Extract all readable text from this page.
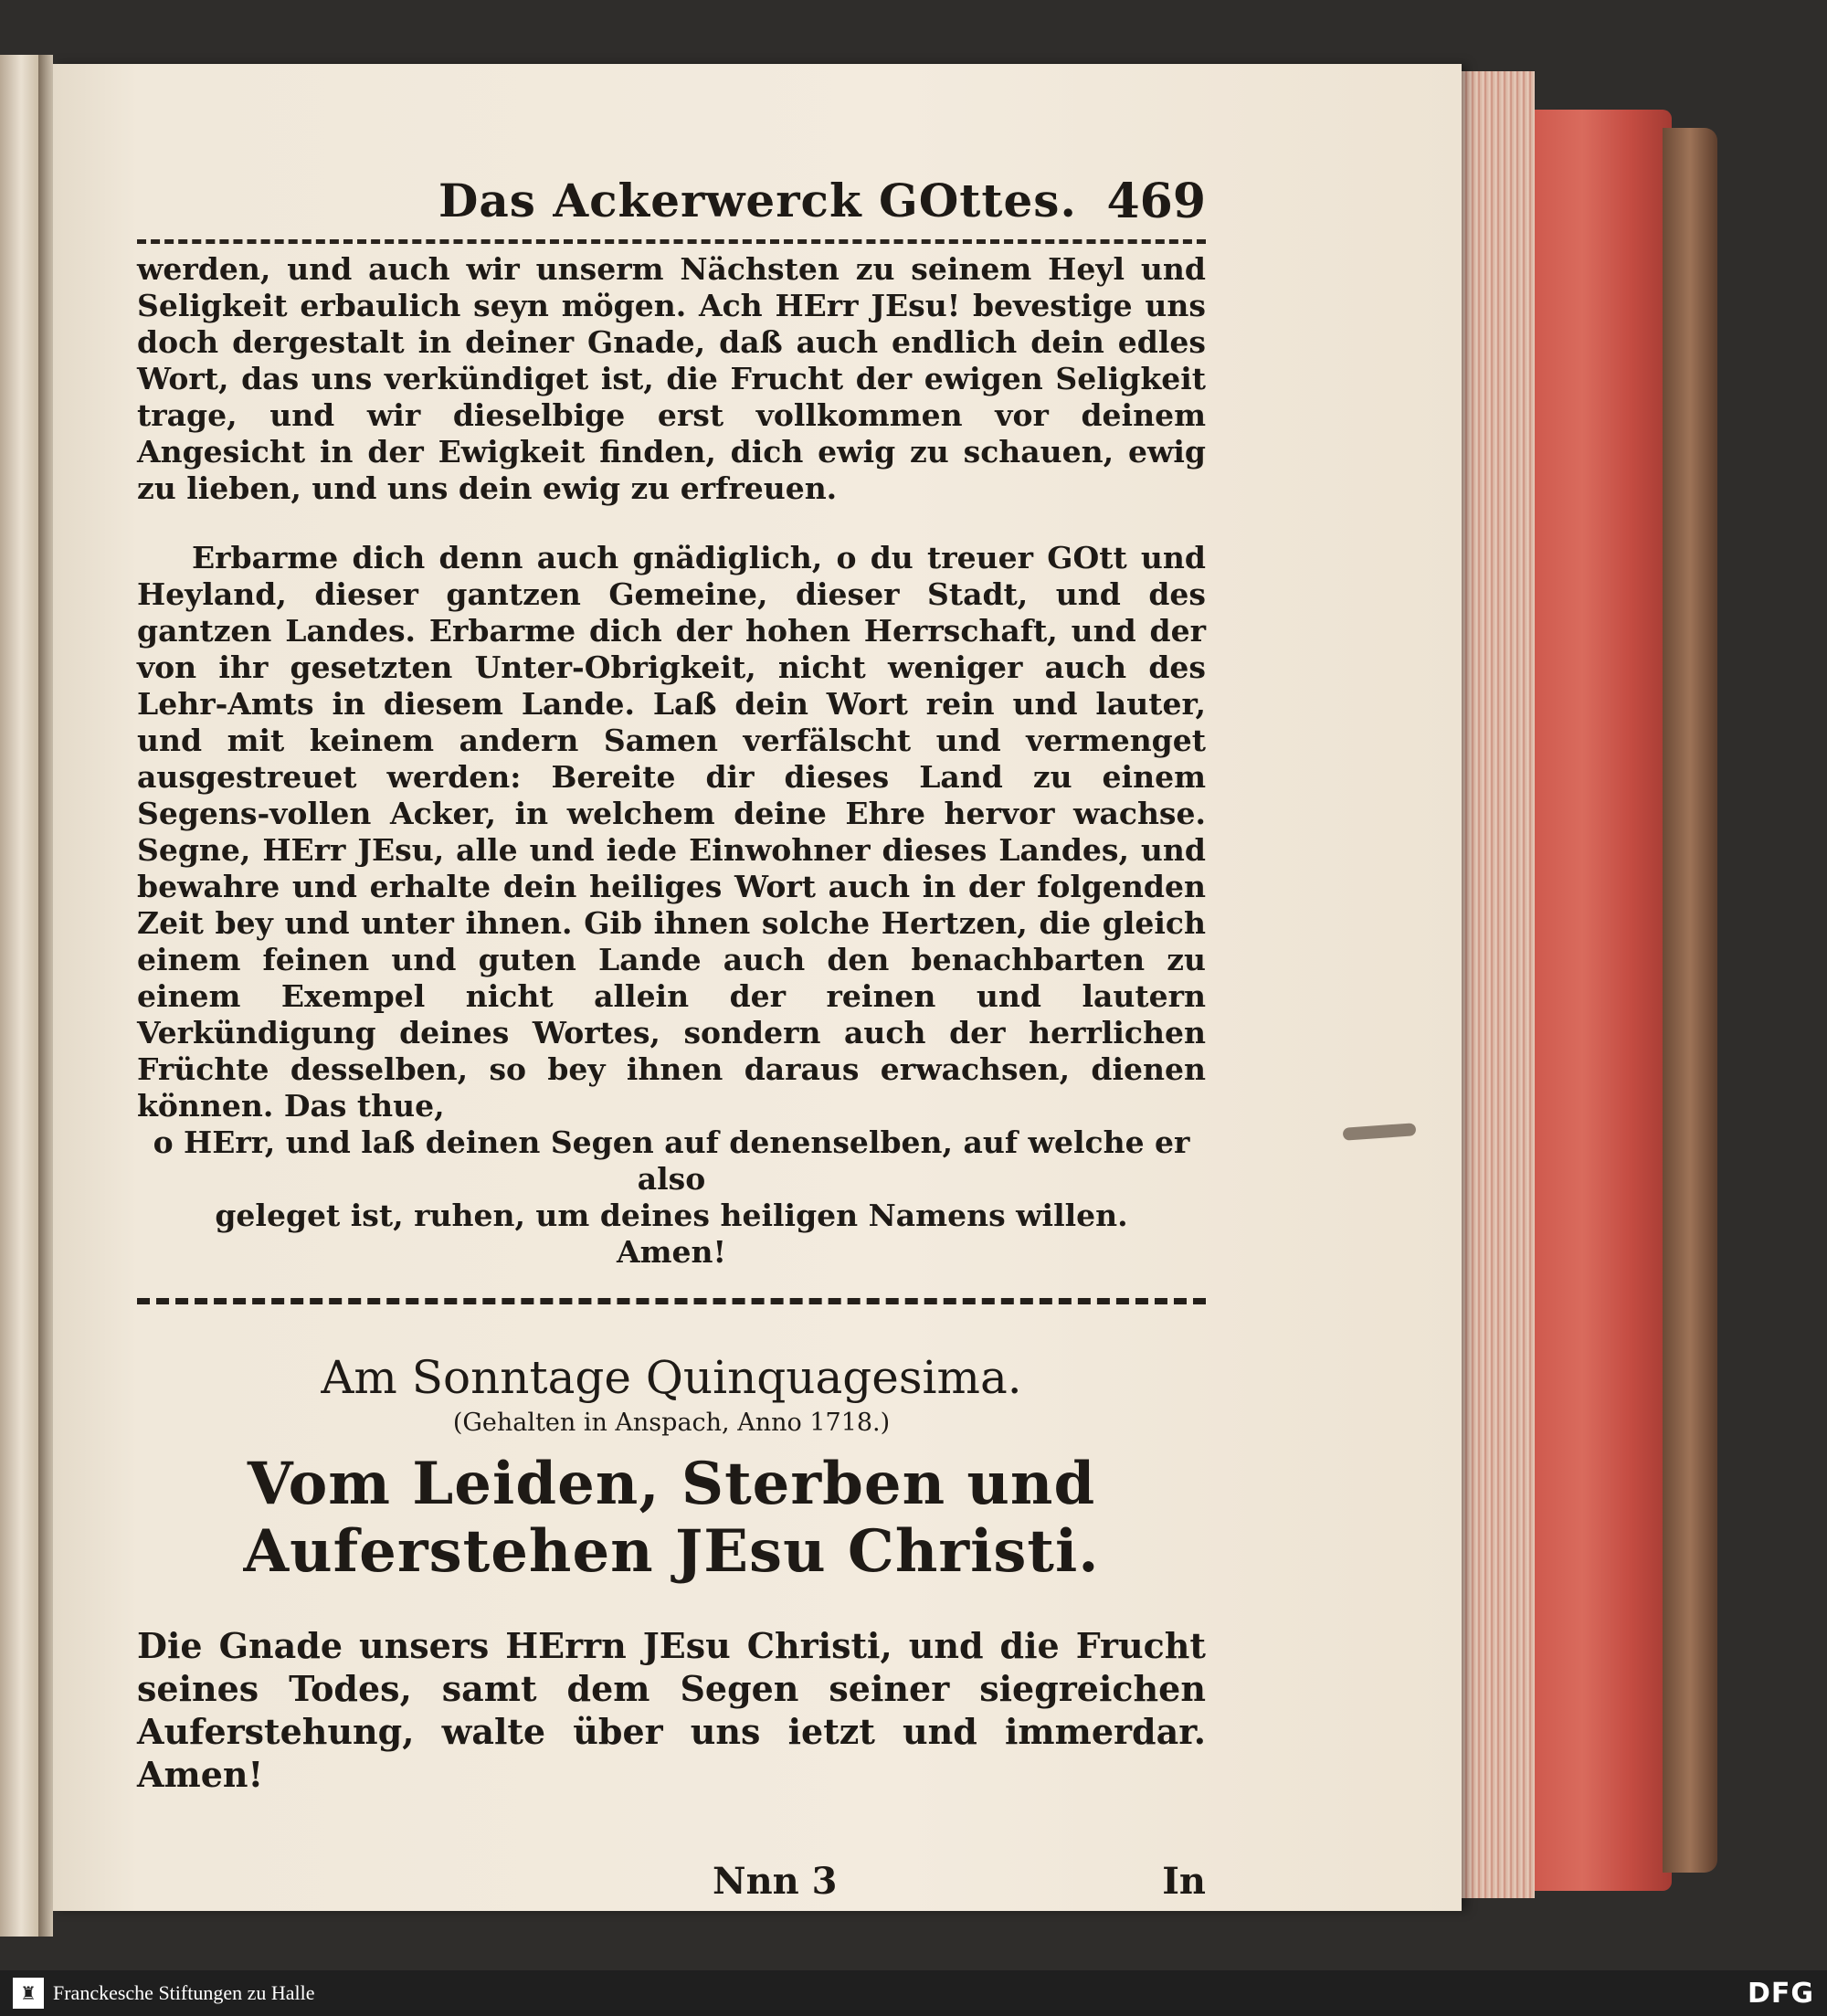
Das Ackerwerck GOttes. 469

werden, und auch wir unserm Nächsten zu seinem Heyl und Seligkeit erbaulich seyn mögen. Ach HErr JEsu! bevestige uns doch dergestalt in deiner Gnade, daß auch endlich dein edles Wort, das uns verkündiget ist, die Frucht der ewigen Seligkeit trage, und wir dieselbige erst vollkommen vor deinem Angesicht in der Ewigkeit finden, dich ewig zu schauen, ewig zu lieben, und uns dein ewig zu erfreuen.

Erbarme dich denn auch gnädiglich, o du treuer GOtt und Heyland, dieser gantzen Gemeine, dieser Stadt, und des gantzen Landes. Erbarme dich der hohen Herrschaft, und der von ihr gesetzten Unter-Obrigkeit, nicht weniger auch des Lehr-Amts in diesem Lande. Laß dein Wort rein und lauter, und mit keinem andern Samen verfälscht und vermenget ausgestreuet werden: Bereite dir dieses Land zu einem Segens-vollen Acker, in welchem deine Ehre hervor wachse. Segne, HErr JEsu, alle und iede Einwohner dieses Landes, und bewahre und erhalte dein heiliges Wort auch in der folgenden Zeit bey und unter ihnen. Gib ihnen solche Hertzen, die gleich einem feinen und guten Lande auch den benachbarten zu einem Exempel nicht allein der reinen und lautern Verkündigung deines Wortes, sondern auch der herrlichen Früchte desselben, so bey ihnen daraus erwachsen, dienen können. Das thue,

o HErr, und laß deinen Segen auf denenselben, auf welche er also

geleget ist, ruhen, um deines heiligen Namens willen.

Amen!

Am Sonntage Quinquagesima.

(Gehalten in Anspach, Anno 1718.)

Vom Leiden, Sterben und Auferstehen JEsu Christi.

Die Gnade unsers HErrn JEsu Christi, und die Frucht seines Todes, samt dem Segen seiner siegreichen Auferstehung, walte über uns ietzt und immerdar. Amen!

Nnn 3	In
♜ Franckesche Stiftungen zu Halle	DFG
